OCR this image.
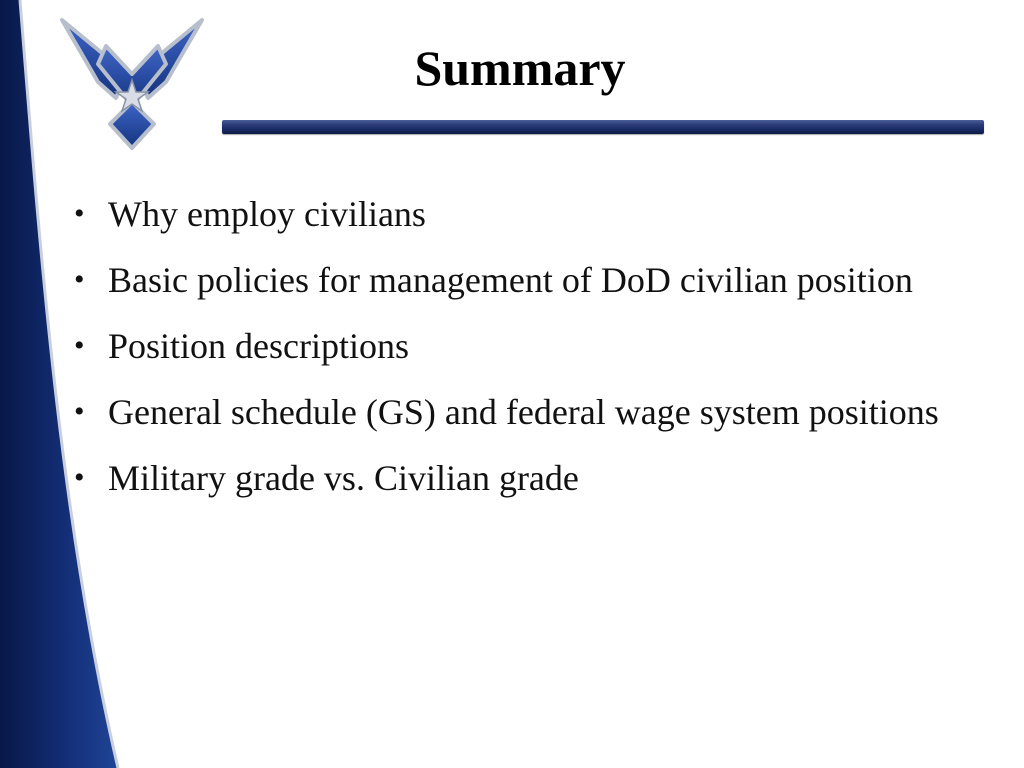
Summary
• Why employ civilians
• Basic policies for management of DoD civilian position
• Position descriptions
• General schedule (GS) and federal wage system positions
• Military grade vs. Civilian grade
